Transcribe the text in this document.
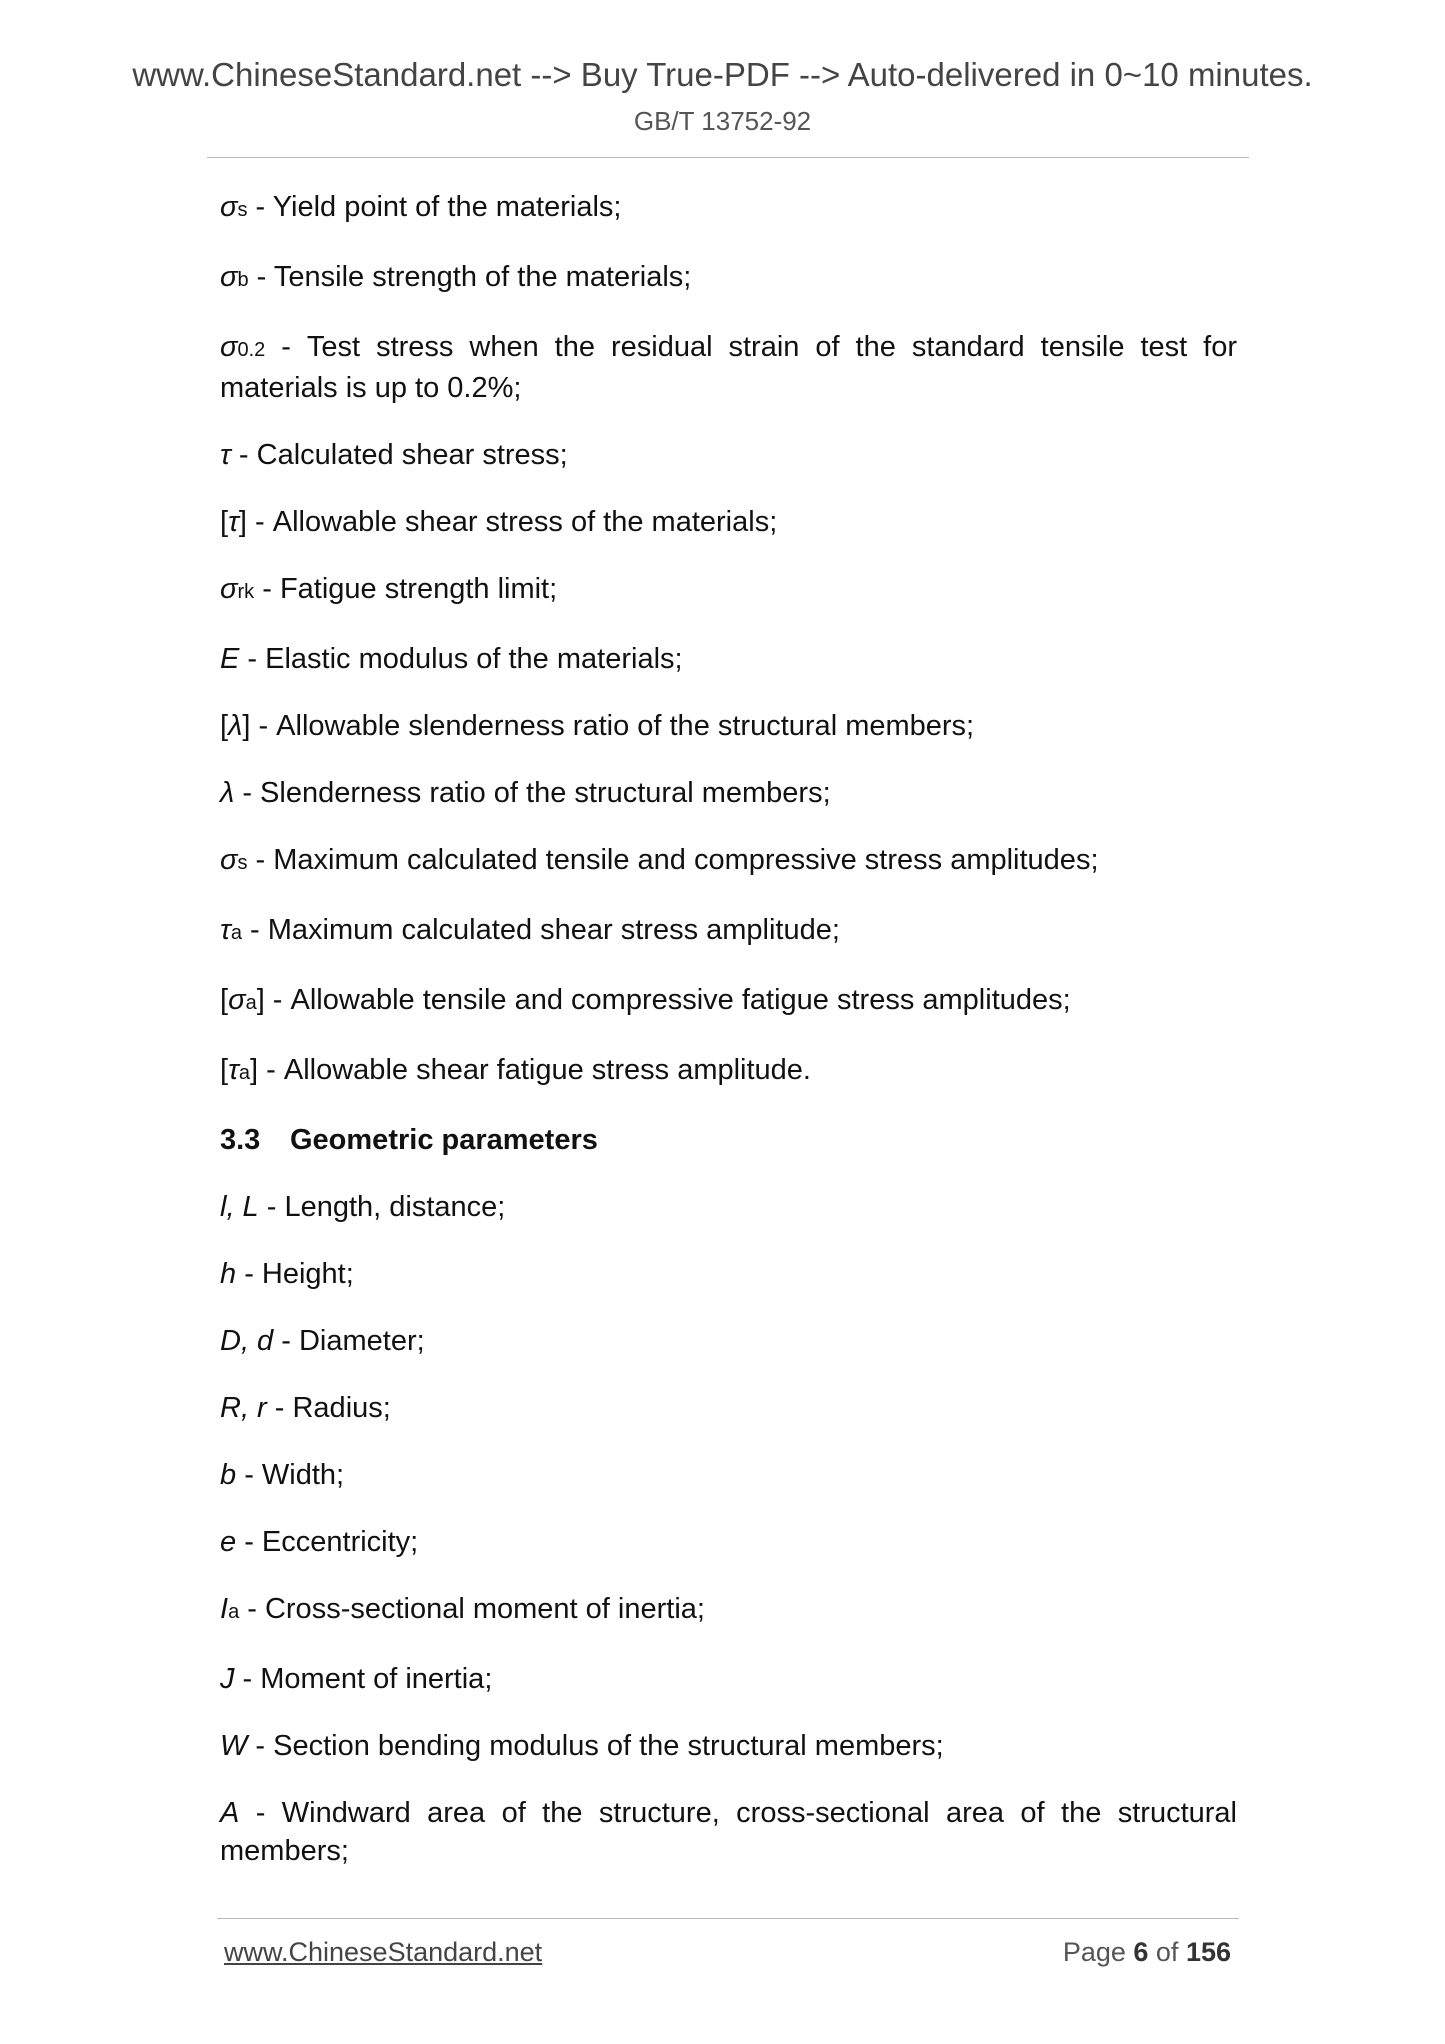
www.ChineseStandard.net --> Buy True-PDF --> Auto-delivered in 0~10 minutes.
GB/T 13752-92
σs - Yield point of the materials;
σb - Tensile strength of the materials;
σ0.2 - Test stress when the residual strain of the standard tensile test for materials is up to 0.2%;
τ - Calculated shear stress;
[τ] - Allowable shear stress of the materials;
σrk - Fatigue strength limit;
E - Elastic modulus of the materials;
[λ] - Allowable slenderness ratio of the structural members;
λ - Slenderness ratio of the structural members;
σs - Maximum calculated tensile and compressive stress amplitudes;
τa - Maximum calculated shear stress amplitude;
[σa] - Allowable tensile and compressive fatigue stress amplitudes;
[τa] - Allowable shear fatigue stress amplitude.
3.3 Geometric parameters
l, L - Length, distance;
h - Height;
D, d - Diameter;
R, r - Radius;
b - Width;
e - Eccentricity;
Ia - Cross-sectional moment of inertia;
J - Moment of inertia;
W - Section bending modulus of the structural members;
A - Windward area of the structure, cross-sectional area of the structural members;
www.ChineseStandard.net	Page 6 of 156
